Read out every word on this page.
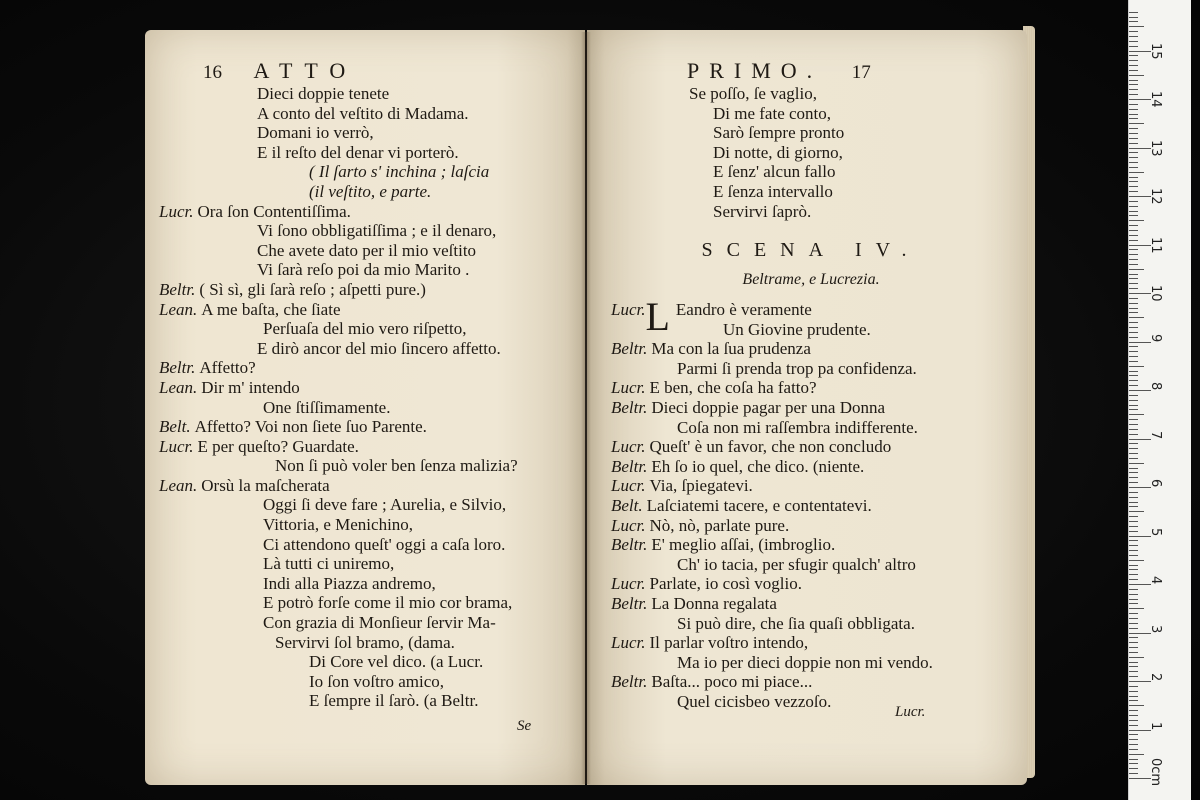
16 ATTO
Dieci doppie tenete
A conto del veſtito di Madama.
Domani io verrò,
E il reſto del denar vi porterò.
( Il ſarto s' inchina ; laſcia
(il veſtito, e parte.
Lucr. Ora ſon Contentiſſima.
Vi ſono obbligatiſſima ; e il denaro,
Che avete dato per il mio veſtito
Vi ſarà reſo poi da mio Marito .
Beltr. ( Sì sì, gli ſarà reſo ; aſpetti pure.)
Lean. A me baſta, che ſiate
Perſuaſa del mio vero riſpetto,
E dirò ancor del mio ſincero affetto.
Beltr. Affetto?
Lean. Dir m' intendo
One ſtiſſimamente.
Belt. Affetto? Voi non ſiete ſuo Parente.
Lucr. E per queſto? Guardate.
Non ſi può voler ben ſenza malizia?
Lean. Orsù la maſcherata
Oggi ſi deve fare ; Aurelia, e Silvio,
Vittoria, e Menichino,
Ci attendono queſt' oggi a caſa loro.
Là tutti ci uniremo,
Indi alla Piazza andremo,
E potrò forſe come il mio cor brama,
Con grazia di Monſieur ſervir Ma-
Servirvi ſol bramo, (dama.
Di Core vel dico. (a Lucr.
Io ſon voſtro amico,
E ſempre il ſarò. (a Beltr.
Se
PRIMO. 17
Se poſſo, ſe vaglio,
Di me fate conto,
Sarò ſempre pronto
Di notte, di giorno,
E ſenz' alcun fallo
E ſenza intervallo
Servirvi ſaprò.
SCENA IV.
Beltrame, e Lucrezia.
Lucr.L Eandro è veramente
Un Giovine prudente.
Beltr. Ma con la ſua prudenza
Parmi ſi prenda trop pa confidenza.
Lucr. E ben, che coſa ha fatto?
Beltr. Dieci doppie pagar per una Donna
Coſa non mi raſſembra indifferente.
Lucr. Queſt' è un favor, che non concludo
Beltr. Eh ſo io quel, che dico. (niente.
Lucr. Via, ſpiegatevi.
Belt. Laſciatemi tacere, e contentatevi.
Lucr. Nò, nò, parlate pure.
Beltr. E' meglio aſſai, (imbroglio.
Ch' io tacia, per sfugir qualch' altro
Lucr. Parlate, io così voglio.
Beltr. La Donna regalata
Si può dire, che ſia quaſi obbligata.
Lucr. Il parlar voſtro intendo,
Ma io per dieci doppie non mi vendo.
Beltr. Baſta... poco mi piace...
Quel cicisbeo vezzoſo.
Lucr.
0cm
1
2
3
4
5
6
7
8
9
10
11
12
13
14
15
